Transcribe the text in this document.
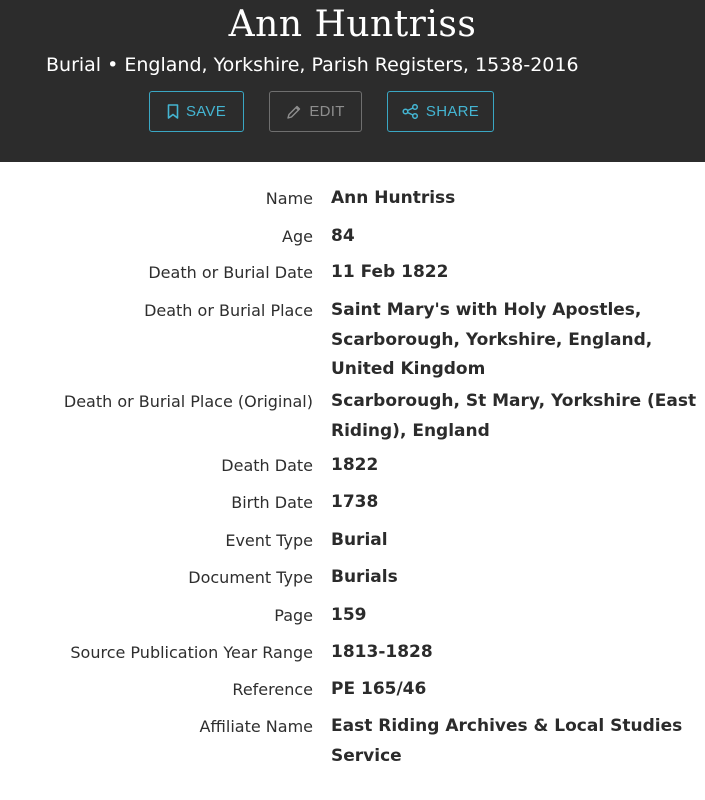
Ann Huntriss
Burial • England, Yorkshire, Parish Registers, 1538-2016
SAVE	EDIT	SHARE
Name Ann Huntriss
Age 84
Death or Burial Date 11 Feb 1822
Death or Burial Place Saint Mary's with Holy Apostles, Scarborough, Yorkshire, England, United Kingdom
Death or Burial Place (Original) Scarborough, St Mary, Yorkshire (East Riding), England
Death Date 1822
Birth Date 1738
Event Type Burial
Document Type Burials
Page 159
Source Publication Year Range 1813-1828
Reference PE 165/46
Affiliate Name East Riding Archives & Local Studies Service
